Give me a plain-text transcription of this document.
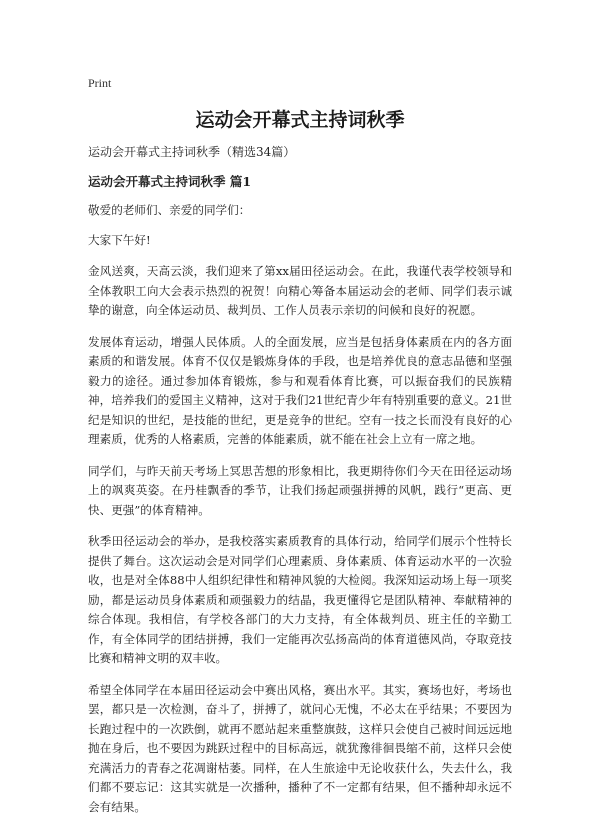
Print
运动会开幕式主持词秋季

运动会开幕式主持词秋季（精选34篇）

运动会开幕式主持词秋季 篇1

敬爱的老师们、亲爱的同学们：

大家下午好!

金风送爽，天高云淡，我们迎来了第xx届田径运动会。在此，我谨代表学校领导和全体教职工向大会表示热烈的祝贺！向精心筹备本届运动会的老师、同学们表示诚挚的谢意，向全体运动员、裁判员、工作人员表示亲切的问候和良好的祝愿。

发展体育运动，增强人民体质。人的全面发展，应当是包括身体素质在内的各方面素质的和谐发展。体育不仅仅是锻炼身体的手段，也是培养优良的意志品德和坚强毅力的途径。通过参加体育锻炼，参与和观看体育比赛，可以振奋我们的民族精神，培养我们的爱国主义精神，这对于我们21世纪青少年有特别重要的意义。21世纪是知识的世纪，是技能的世纪，更是竞争的世纪。空有一技之长而没有良好的心理素质，优秀的人格素质，完善的体能素质，就不能在社会上立有一席之地。

同学们，与昨天前天考场上冥思苦想的形象相比，我更期待你们今天在田径运动场上的飒爽英姿。在丹桂飘香的季节，让我们扬起顽强拼搏的风帆，践行“更高、更快、更强”的体育精神。

秋季田径运动会的举办，是我校落实素质教育的具体行动，给同学们展示个性特长提供了舞台。这次运动会是对同学们心理素质、身体素质、体育运动水平的一次验收，也是对全体88中人组织纪律性和精神风貌的大检阅。我深知运动场上每一项奖励，都是运动员身体素质和顽强毅力的结晶，我更懂得它是团队精神、奉献精神的综合体现。我相信，有学校各部门的大力支持，有全体裁判员、班主任的辛勤工作，有全体同学的团结拼搏，我们一定能再次弘扬高尚的体育道德风尚，夺取竞技比赛和精神文明的双丰收。

希望全体同学在本届田径运动会中赛出风格，赛出水平。其实，赛场也好，考场也罢，都只是一次检测，奋斗了，拼搏了，就问心无愧，不必太在乎结果；不要因为长跑过程中的一次跌倒，就再不愿站起来重整旗鼓，这样只会使自己被时间远远地抛在身后，也不要因为跳跃过程中的目标高远，就犹豫徘徊畏缩不前，这样只会使充满活力的青春之花凋谢枯萎。同样，在人生旅途中无论收获什么，失去什么，我们都不要忘记：这其实就是一次播种，播种了不一定都有结果，但不播种却永远不会有结果。
